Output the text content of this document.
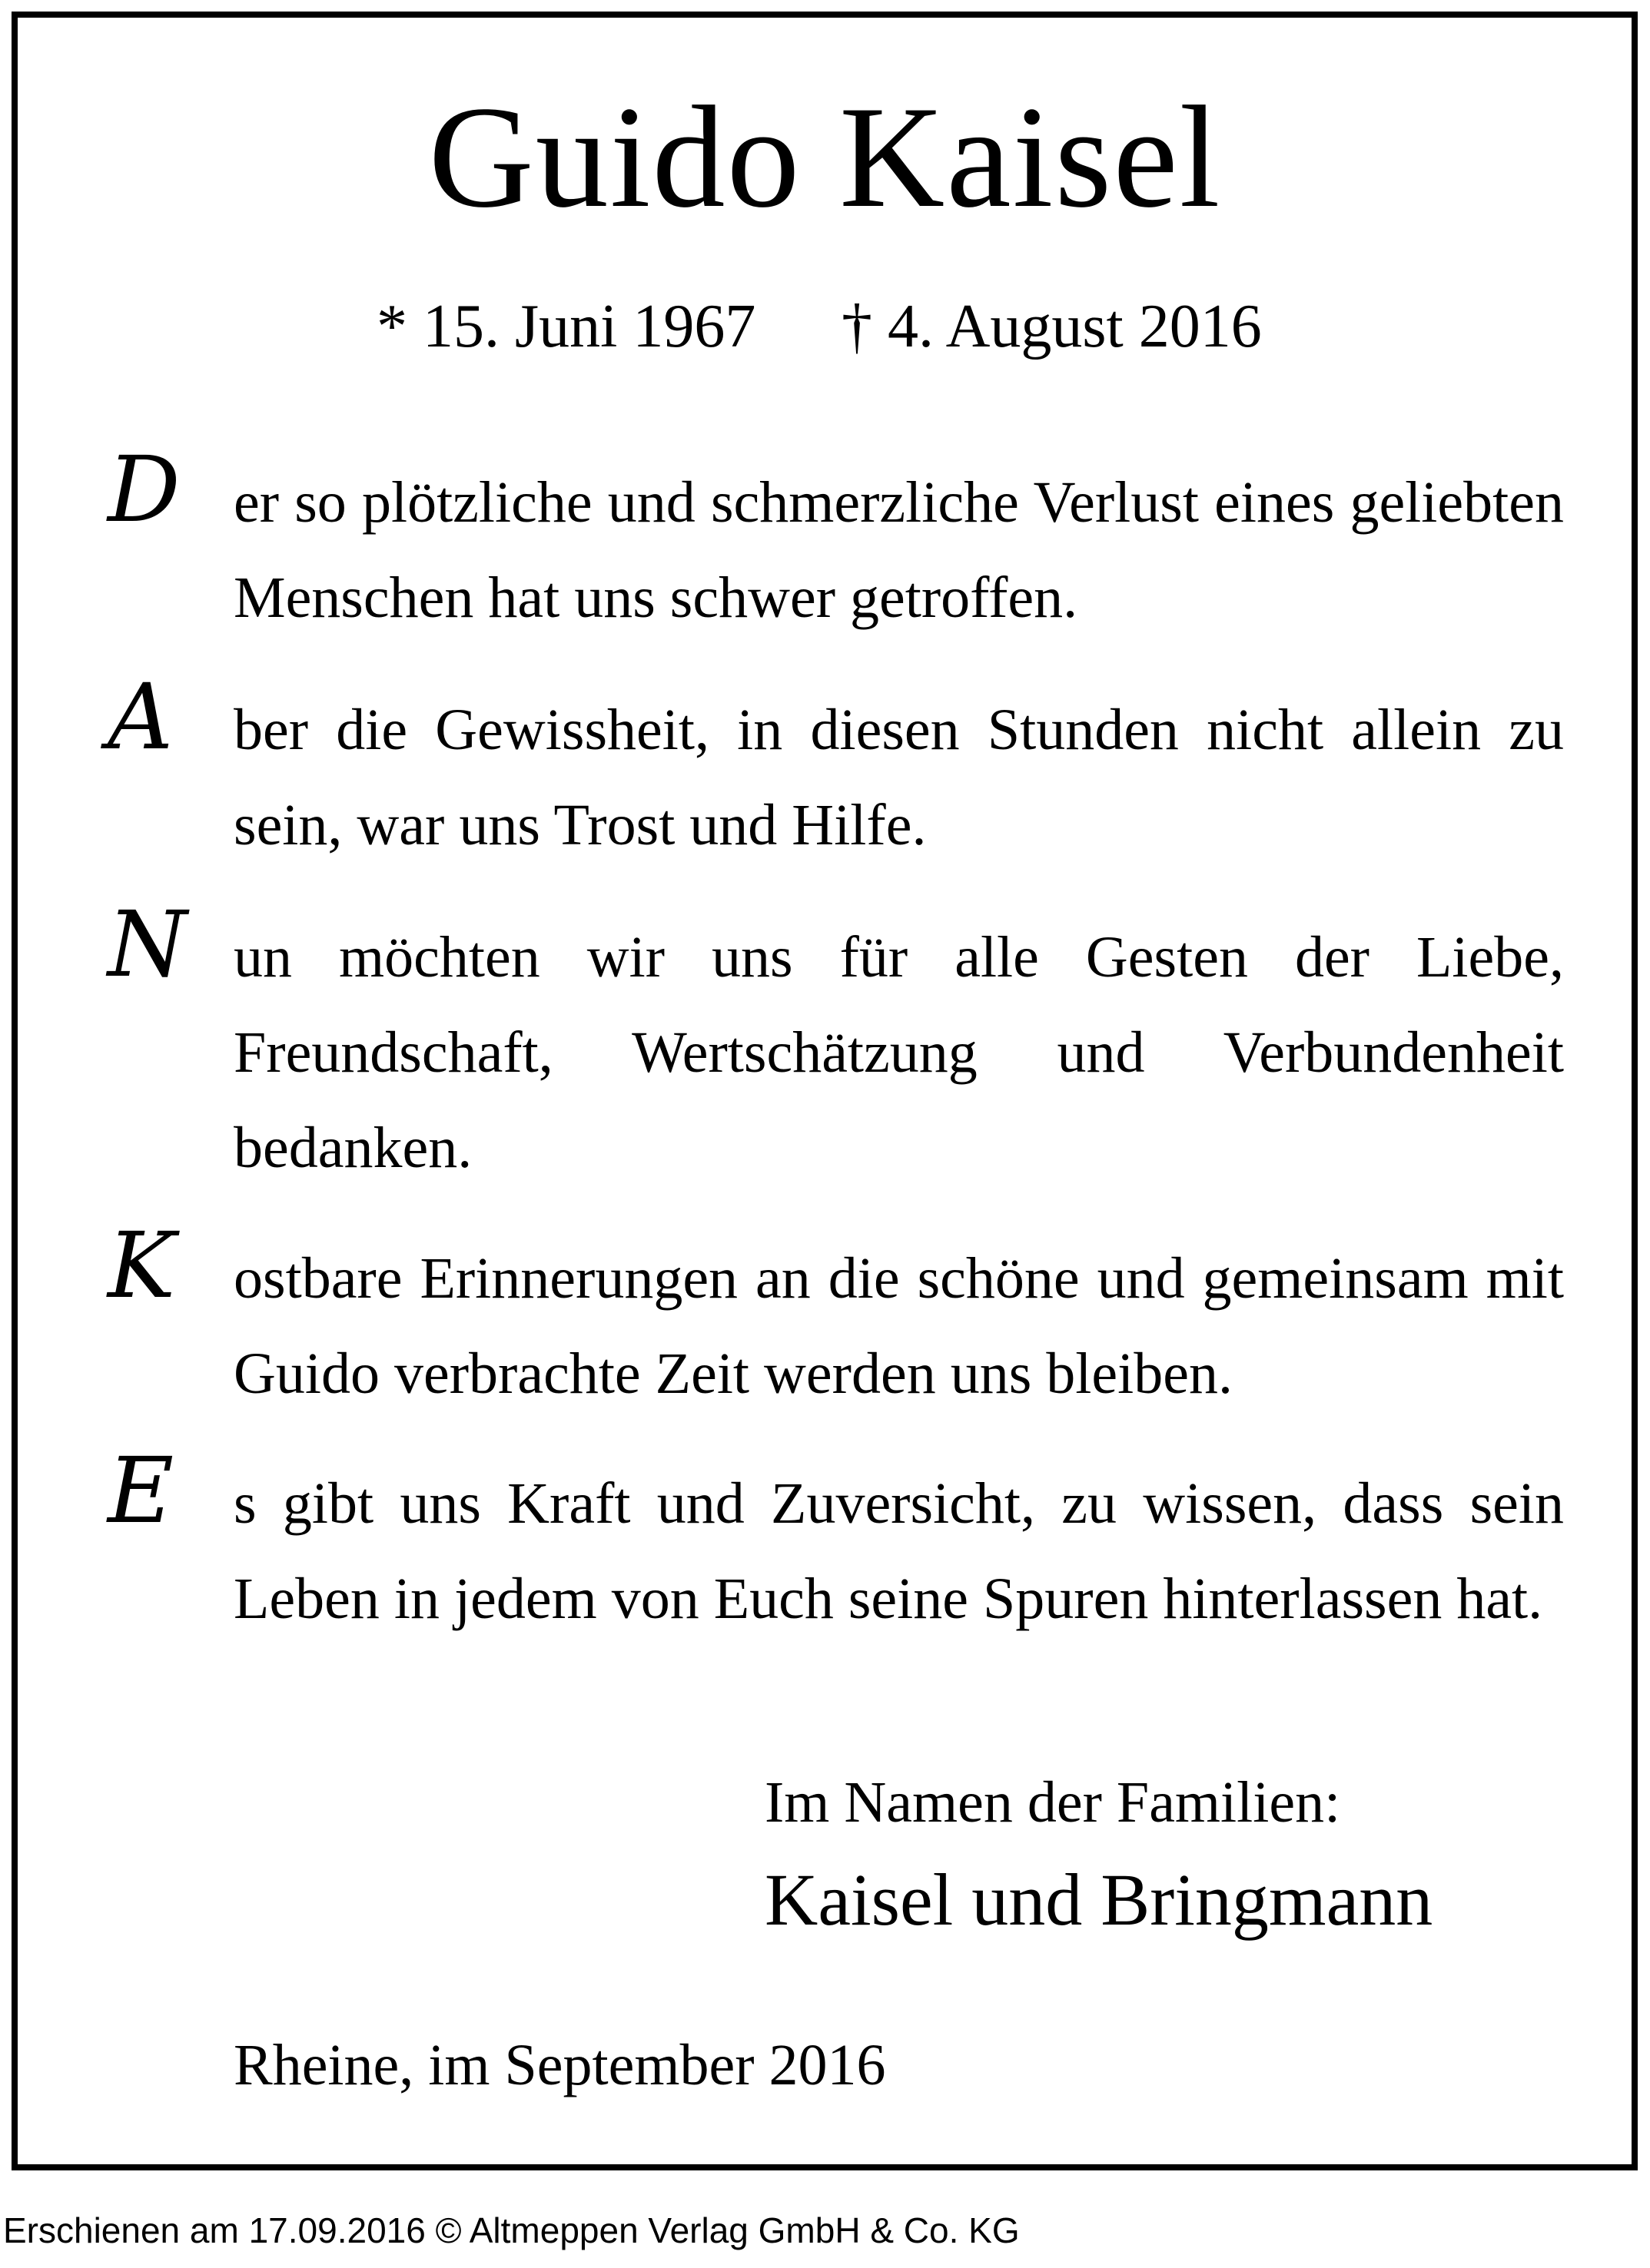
Guido Kaisel
* 15. Juni 1967 † 4. August 2016
D er so plötzliche und schmerzliche Verlust eines geliebten Menschen hat uns schwer getroffen.

A	ber die Gewissheit, in diesen Stunden nicht allein zu sein, war uns Trost und Hilfe.

N un möchten wir uns für alle Gesten der Liebe, Freundschaft, Wertschätzung und Verbundenheit bedanken.

K ostbare Erinnerungen an die schöne und gemeinsam mit Guido verbrachte Zeit werden uns bleiben.

E	s gibt uns Kraft und Zuversicht, zu wissen, dass sein Leben in jedem von Euch seine Spuren hinterlassen hat.

Im Namen der Familien:
Kaisel und Bringmann
Rheine, im September 2016
Erschienen am 17.09.2016 © Altmeppen Verlag GmbH & Co. KG
